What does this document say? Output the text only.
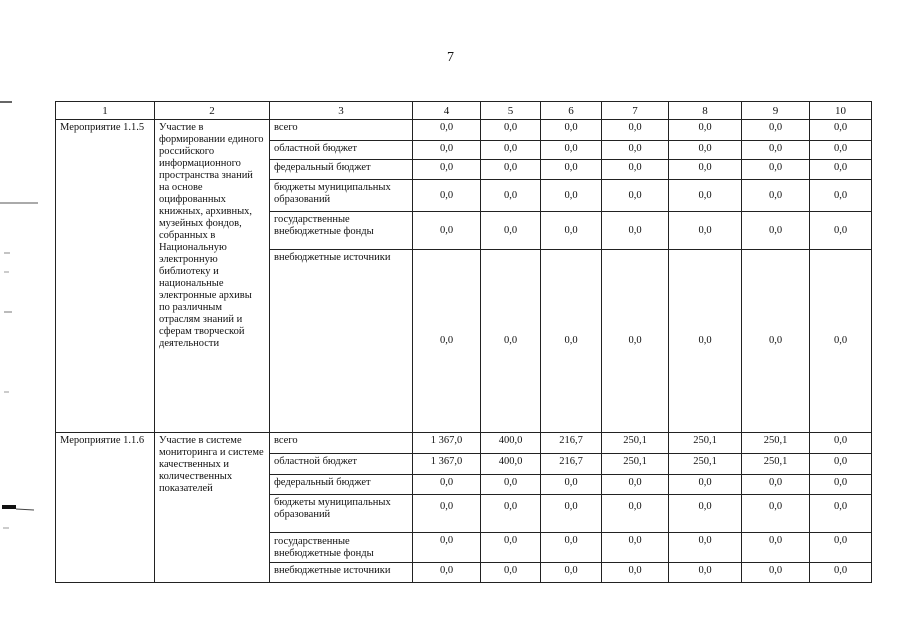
7
1	2	3	4	5	6	7	8	9	10
Мероприятие 1.1.5	Участие в формировании единого российского информационного пространства знаний на основе оцифрованных книжных, архивных, музейных фондов, собранных в Национальную электронную библиотеку и национальные электронные архивы по различным отраслям знаний и сферам творческой деятельности	всего	0,0	0,0	0,0	0,0	0,0	0,0	0,0
		областной бюджет	0,0	0,0	0,0	0,0	0,0	0,0	0,0
		федеральный бюджет	0,0	0,0	0,0	0,0	0,0	0,0	0,0
		бюджеты муниципальных образований	0,0	0,0	0,0	0,0	0,0	0,0	0,0
		государственные внебюджетные фонды	0,0	0,0	0,0	0,0	0,0	0,0	0,0
		внебюджетные источники	0,0	0,0	0,0	0,0	0,0	0,0	0,0
Мероприятие 1.1.6	Участие в системе мониторинга и системе качественных и количественных показателей	всего	1 367,0	400,0	216,7	250,1	250,1	250,1	0,0
		областной бюджет	1 367,0	400,0	216,7	250,1	250,1	250,1	0,0
		федеральный бюджет	0,0	0,0	0,0	0,0	0,0	0,0	0,0
		бюджеты муниципальных образований	0,0	0,0	0,0	0,0	0,0	0,0	0,0
		государственные внебюджетные фонды	0,0	0,0	0,0	0,0	0,0	0,0	0,0
		внебюджетные источники	0,0	0,0	0,0	0,0	0,0	0,0	0,0
